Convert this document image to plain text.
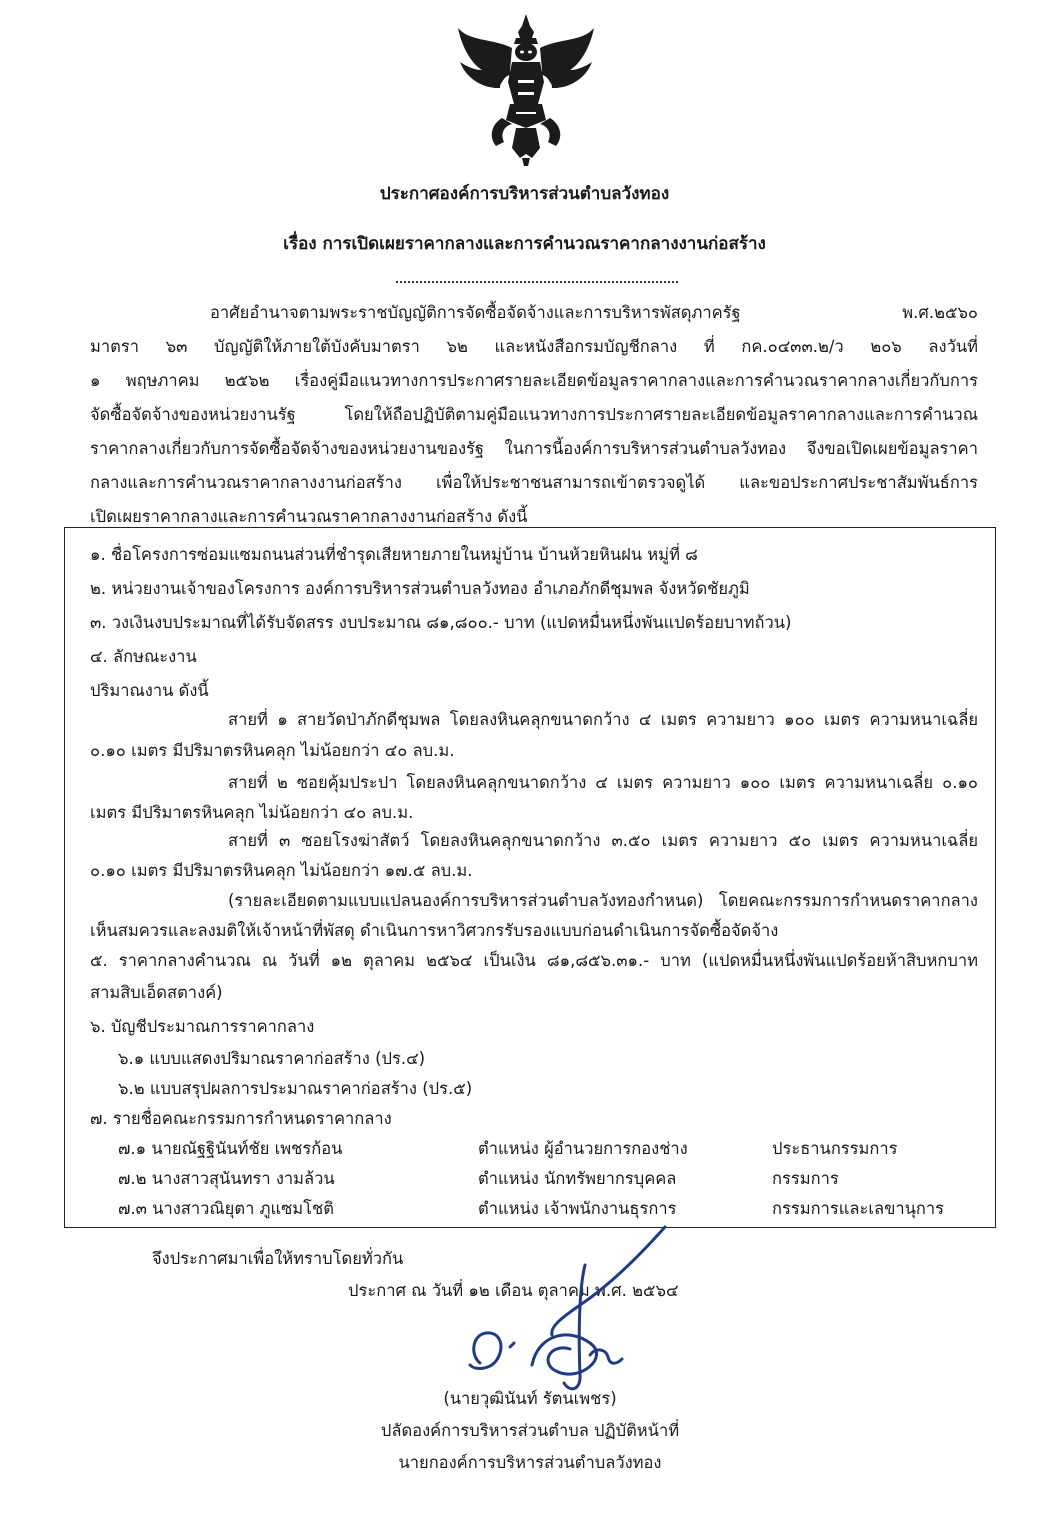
ประกาศองค์การบริหารส่วนตำบลวังทอง
เรื่อง การเปิดเผยราคากลางและการคำนวณราคากลางงานก่อสร้าง
อาศัยอำนาจตามพระราชบัญญัติการจัดซื้อจัดจ้างและการบริหารพัสดุภาครัฐ พ.ศ.๒๕๖๐
มาตรา ๖๓ บัญญัติให้ภายใต้บังคับมาตรา ๖๒ และหนังสือกรมบัญชีกลาง ที่ กค.๐๔๓๓.๒/ว ๒๐๖ ลงวันที่
๑ พฤษภาคม ๒๕๖๒ เรื่องคู่มือแนวทางการประกาศรายละเอียดข้อมูลราคากลางและการคำนวณราคากลางเกี่ยวกับการ
จัดซื้อจัดจ้างของหน่วยงานรัฐ โดยให้ถือปฏิบัติตามคู่มือแนวทางการประกาศรายละเอียดข้อมูลราคากลางและการคำนวณ
ราคากลางเกี่ยวกับการจัดซื้อจัดจ้างของหน่วยงานของรัฐ ในการนี้องค์การบริหารส่วนตำบลวังทอง จึงขอเปิดเผยข้อมูลราคา
กลางและการคำนวณราคากลางงานก่อสร้าง เพื่อให้ประชาชนสามารถเข้าตรวจดูได้ และขอประกาศประชาสัมพันธ์การ
เปิดเผยราคากลางและการคำนวณราคากลางงานก่อสร้าง ดังนี้
๑. ชื่อโครงการซ่อมแซมถนนส่วนที่ชำรุดเสียหายภายในหมู่บ้าน บ้านห้วยหินฝน หมู่ที่ ๘
๒. หน่วยงานเจ้าของโครงการ องค์การบริหารส่วนตำบลวังทอง อำเภอภักดีชุมพล จังหวัดชัยภูมิ
๓. วงเงินงบประมาณที่ได้รับจัดสรร งบประมาณ ๘๑,๘๐๐.- บาท (แปดหมื่นหนึ่งพันแปดร้อยบาทถ้วน)
๔. ลักษณะงาน
ปริมาณงาน ดังนี้
สายที่ ๑ สายวัดป่าภักดีชุมพล โดยลงหินคลุกขนาดกว้าง ๔ เมตร ความยาว ๑๐๐ เมตร ความหนาเฉลี่ย
๐.๑๐ เมตร มีปริมาตรหินคลุก ไม่น้อยกว่า ๔๐ ลบ.ม.
สายที่ ๒ ซอยคุ้มประปา โดยลงหินคลุกขนาดกว้าง ๔ เมตร ความยาว ๑๐๐ เมตร ความหนาเฉลี่ย ๐.๑๐
เมตร มีปริมาตรหินคลุก ไม่น้อยกว่า ๔๐ ลบ.ม.
สายที่ ๓ ซอยโรงฆ่าสัตว์ โดยลงหินคลุกขนาดกว้าง ๓.๕๐ เมตร ความยาว ๕๐ เมตร ความหนาเฉลี่ย
๐.๑๐ เมตร มีปริมาตรหินคลุก ไม่น้อยกว่า ๑๗.๕ ลบ.ม.
(รายละเอียดตามแบบแปลนองค์การบริหารส่วนตำบลวังทองกำหนด) โดยคณะกรรมการกำหนดราคากลาง
เห็นสมควรและลงมติให้เจ้าหน้าที่พัสดุ ดำเนินการหาวิศวกรรับรองแบบก่อนดำเนินการจัดซื้อจัดจ้าง
๕. ราคากลางคำนวณ ณ วันที่ ๑๒ ตุลาคม ๒๕๖๔ เป็นเงิน ๘๑,๘๕๖.๓๑.- บาท (แปดหมื่นหนึ่งพันแปดร้อยห้าสิบหกบาท
สามสิบเอ็ดสตางค์)
๖. บัญชีประมาณการราคากลาง
๖.๑ แบบแสดงปริมาณราคาก่อสร้าง (ปร.๔)
๖.๒ แบบสรุปผลการประมาณราคาก่อสร้าง (ปร.๕)
๗. รายชื่อคณะกรรมการกำหนดราคากลาง
๗.๑ นายณัฐฐินันท์ชัย เพชรก้อน	ตำแหน่ง ผู้อำนวยการกองช่าง	ประธานกรรมการ
๗.๒ นางสาวสุนันทรา งามล้วน	ตำแหน่ง นักทรัพยากรบุคคล	กรรมการ
๗.๓ นางสาวณิยุตา ภูแซมโชติ	ตำแหน่ง เจ้าพนักงานธุรการ	กรรมการและเลขานุการ
จึงประกาศมาเพื่อให้ทราบโดยทั่วกัน
ประกาศ ณ วันที่ ๑๒ เดือน ตุลาคม พ.ศ. ๒๕๖๔
(นายวุฒินันท์ รัตนเพชร)
ปลัดองค์การบริหารส่วนตำบล ปฏิบัติหน้าที่
นายกองค์การบริหารส่วนตำบลวังทอง
